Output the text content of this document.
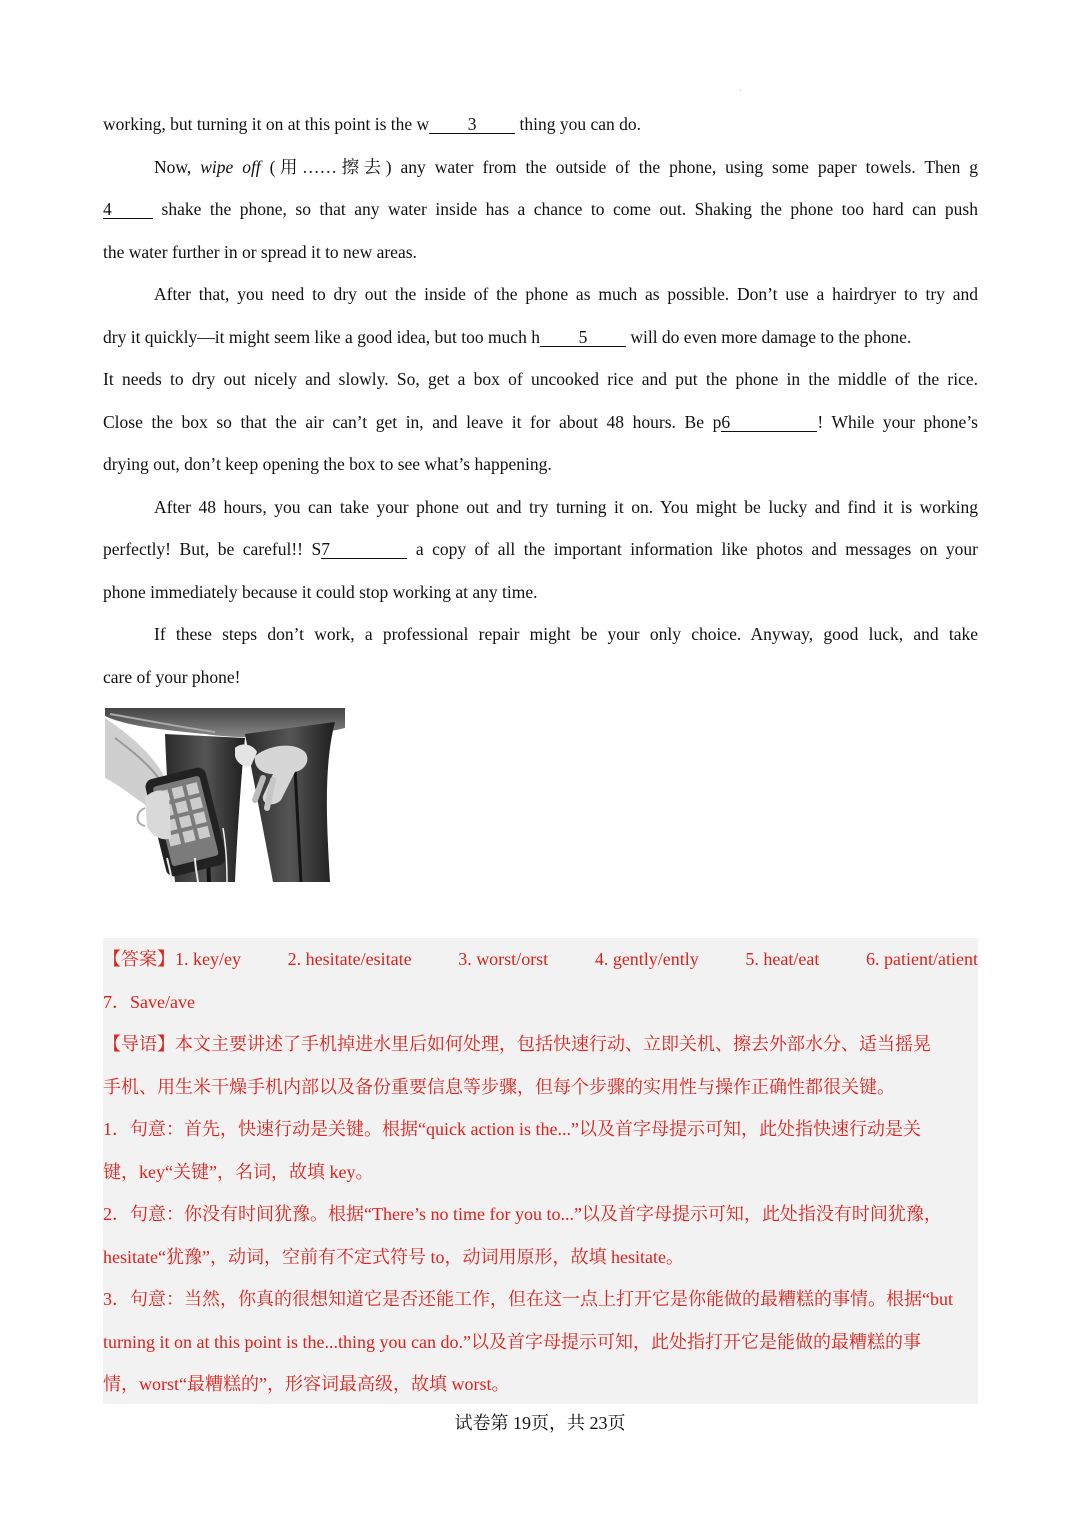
working, but turning it on at this point is the w 3 thing you can do.
Now, wipe off (用……擦去) any water from the outside of the phone, using some paper towels. Then g
4 shake the phone, so that any water inside has a chance to come out. Shaking the phone too hard can push
the water further in or spread it to new areas.
After that, you need to dry out the inside of the phone as much as possible. Don’t use a hairdryer to try and
dry it quickly—it might seem like a good idea, but too much h 5 will do even more damage to the phone.
It needs to dry out nicely and slowly. So, get a box of uncooked rice and put the phone in the middle of the rice.
Close the box so that the air can’t get in, and leave it for about 48 hours. Be p6	! While your phone’s
drying out, don’t keep opening the box to see what’s happening.
After 48 hours, you can take your phone out and try turning it on. You might be lucky and find it is working
perfectly! But, be careful!! S7	a copy of all the important information like photos and messages on your
phone immediately because it could stop working at any time.
If these steps don’t work, a professional repair might be your only choice. Anyway, good luck, and take
care of your phone!
【答案】1. key/ey	2. hesitate/esitate	3. worst/orst	4. gently/ently	5. heat/eat	6. patient/atient
7．Save/ave
【导语】本文主要讲述了手机掉进水里后如何处理，包括快速行动、立即关机、擦去外部水分、适当摇晃
手机、用生米干燥手机内部以及备份重要信息等步骤，但每个步骤的实用性与操作正确性都很关键。
1．句意：首先，快速行动是关键。根据“quick action is the...”以及首字母提示可知，此处指快速行动是关
键，key“关键”，名词，故填 key。
2．句意：你没有时间犹豫。根据“There’s no time for you to...”以及首字母提示可知，此处指没有时间犹豫，
hesitate“犹豫”，动词，空前有不定式符号 to，动词用原形，故填 hesitate。
3．句意：当然，你真的很想知道它是否还能工作，但在这一点上打开它是你能做的最糟糕的事情。根据“but
turning it on at this point is the...thing you can do.”以及首字母提示可知，此处指打开它是能做的最糟糕的事
情，worst“最糟糕的”，形容词最高级，故填 worst。
试卷第 19页，共 23页
